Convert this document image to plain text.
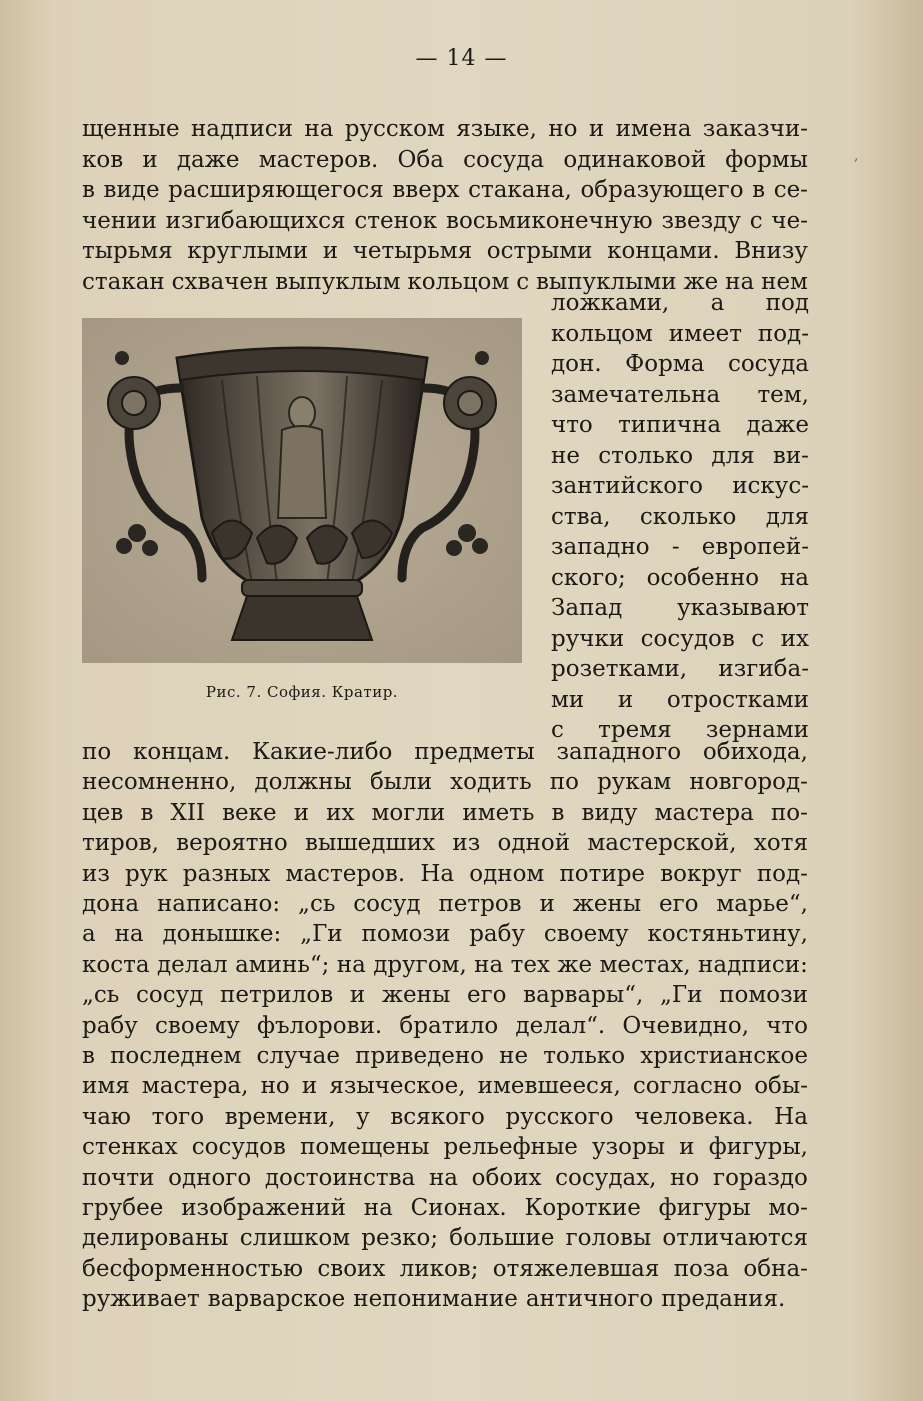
— 14 —
щенные надписи на русском языке, но и имена заказчи-
ков и даже мастеров. Оба сосуда одинаковой формы
в виде расширяющегося вверх стакана, образующего в се-
чении изгибающихся стенок восьмиконечную звезду с че-
тырьмя круглыми и четырьмя острыми концами. Внизу
стакан схвачен выпуклым кольцом с выпуклыми же на нем
Рис. 7. София. Кратир.
ложками, а под
кольцом имеет под-
дон. Форма сосуда
замечательна тем,
что типична даже
не столько для ви-
зантийского искус-
ства, сколько для
западно - европей-
ского; особенно на
Запад указывают
ручки сосудов с их
розетками, изгиба-
ми и отростками
с тремя зернами
по концам. Какие-либо предметы западного обихода,
несомненно, должны были ходить по рукам новгород-
цев в XII веке и их могли иметь в виду мастера по-
тиров, вероятно вышедших из одной мастерской, хотя
из рук разных мастеров. На одном потире вокруг под-
дона написано: „сь сосуд петров и жены его марье“,
а на донышке: „Ги помози рабу своему костяньтину,
коста делал аминь“; на другом, на тех же местах, надписи:
„сь сосуд петрилов и жены его варвары“, „Ги помози
рабу своему фълорови. братило делал“. Очевидно, что
в последнем случае приведено не только христианское
имя мастера, но и языческое, имевшееся, согласно обы-
чаю того времени, у всякого русского человека. На
стенках сосудов помещены рельефные узоры и фигуры,
почти одного достоинства на обоих сосудах, но гораздо
грубее изображений на Сионах. Короткие фигуры мо-
делированы слишком резко; большие головы отличаются
бесформенностью своих ликов; отяжелевшая поза обна-
руживает варварское непонимание античного предания.
,
